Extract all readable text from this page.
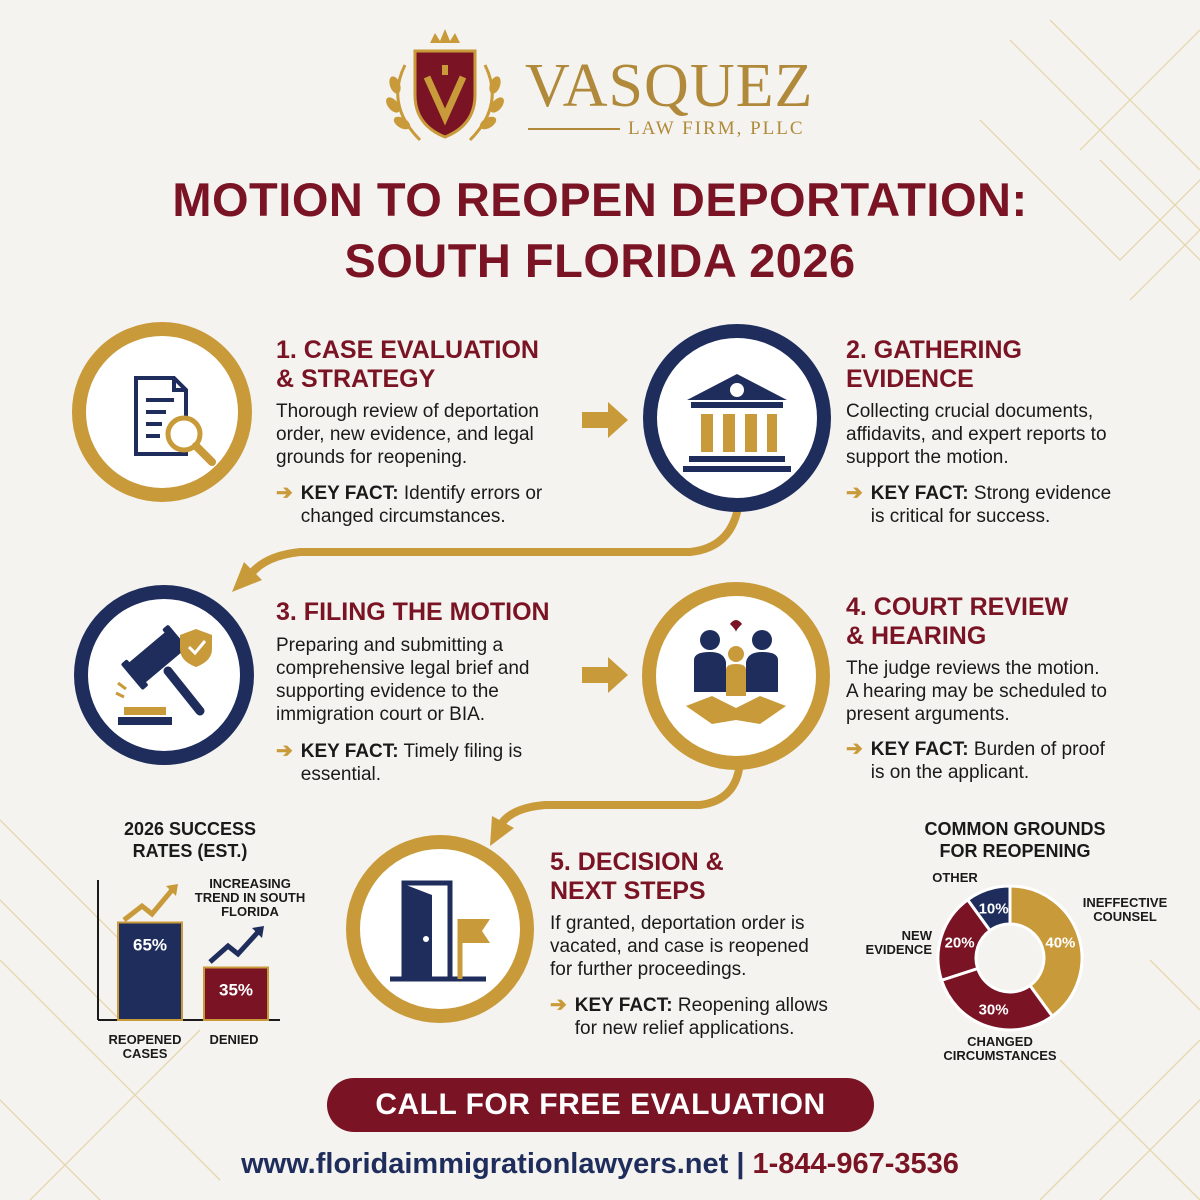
VASQUEZ
LAW FIRM, PLLC
MOTION TO REOPEN DEPORTATION:
SOUTH FLORIDA 2026
1. CASE EVALUATION
& STRATEGY
Thorough review of deportation
order, new evidence, and legal
grounds for reopening.
➔ KEY FACT: Identify errors or
changed circumstances.
2. GATHERING
EVIDENCE
Collecting crucial documents,
affidavits, and expert reports to
support the motion.
➔ KEY FACT: Strong evidence
is critical for success.
3. FILING THE MOTION
Preparing and submitting a
comprehensive legal brief and
supporting evidence to the
immigration court or BIA.
➔ KEY FACT: Timely filing is
essential.
4. COURT REVIEW
& HEARING
The judge reviews the motion.
A hearing may be scheduled to
present arguments.
➔ KEY FACT: Burden of proof
is on the applicant.
5. DECISION &
NEXT STEPS
If granted, deportation order is
vacated, and case is reopened
for further proceedings.
➔ KEY FACT: Reopening allows
for new relief applications.
2026 SUCCESS
RATES (EST.)
INCREASING
TREND IN SOUTH
FLORIDA
65%
35%
REOPENED
CASES
DENIED
COMMON GROUNDS
FOR REOPENING
40%
30%
20%
10%	INEFFECTIVE
COUNSEL
CHANGED
CIRCUMSTANCES
NEW
EVIDENCE
OTHER
CALL FOR FREE EVALUATION
www.floridaimmigrationlawyers.net | 1-844-967-3536
